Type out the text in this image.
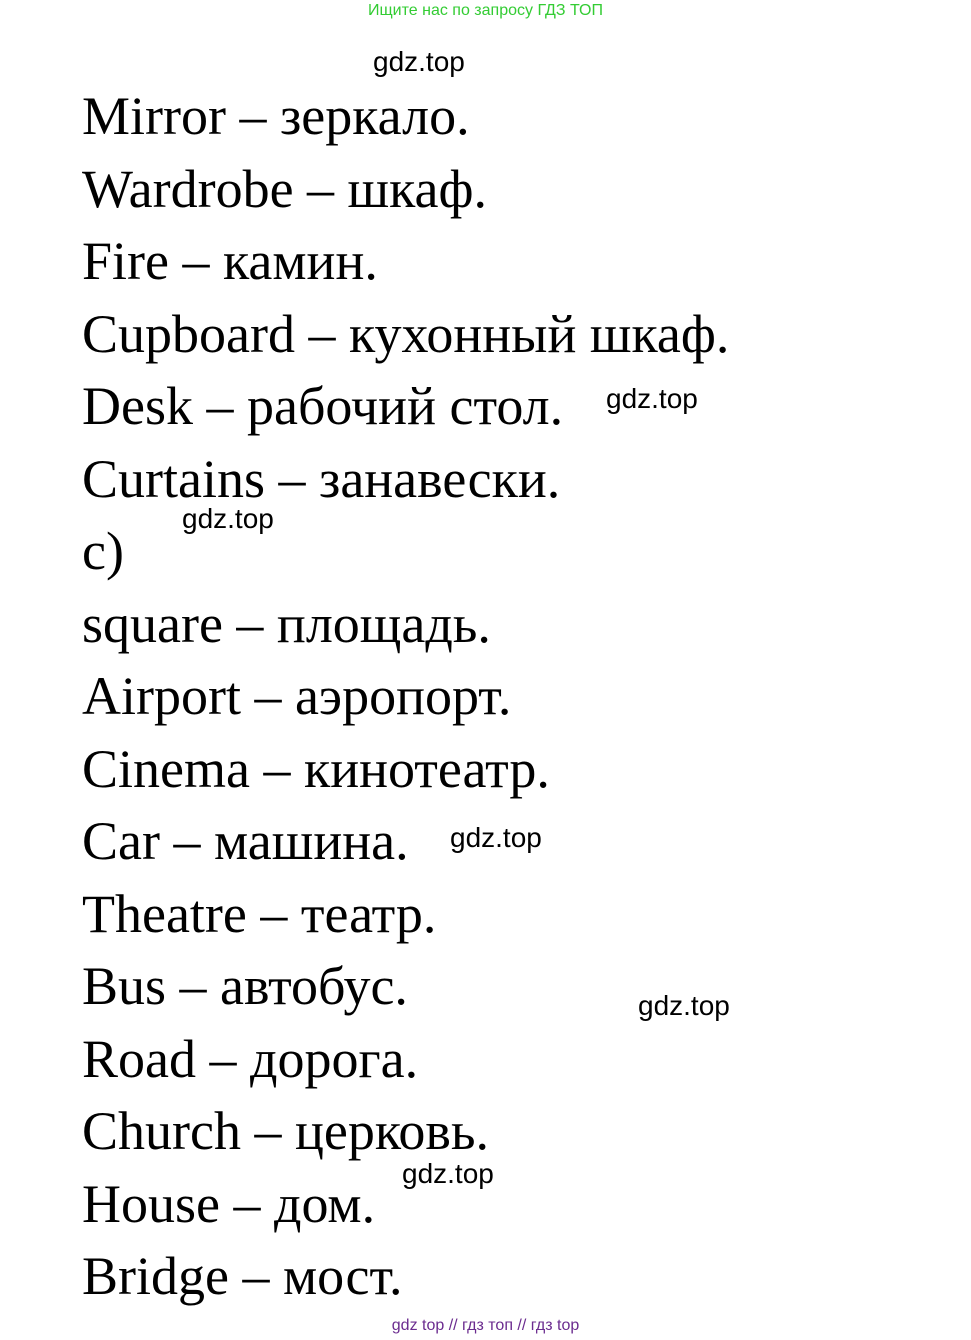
Ищите нас по запросу ГДЗ ТОП
Mirror – зеркало.
Wardrobe – шкаф.
Fire – камин.
Cupboard – кухонный шкаф.
Desk – рабочий стол.
Curtains – занавески.
c)
square – площадь.
Airport – аэропорт.
Cinema – кинотеатр.
Car – машина.
Theatre – театр.
Bus – автобус.
Road – дорога.
Church – церковь.
House – дом.
Bridge – мост.
gdz.top
gdz.top
gdz.top
gdz.top
gdz.top
gdz.top
gdz top // гдз топ // гдз top
